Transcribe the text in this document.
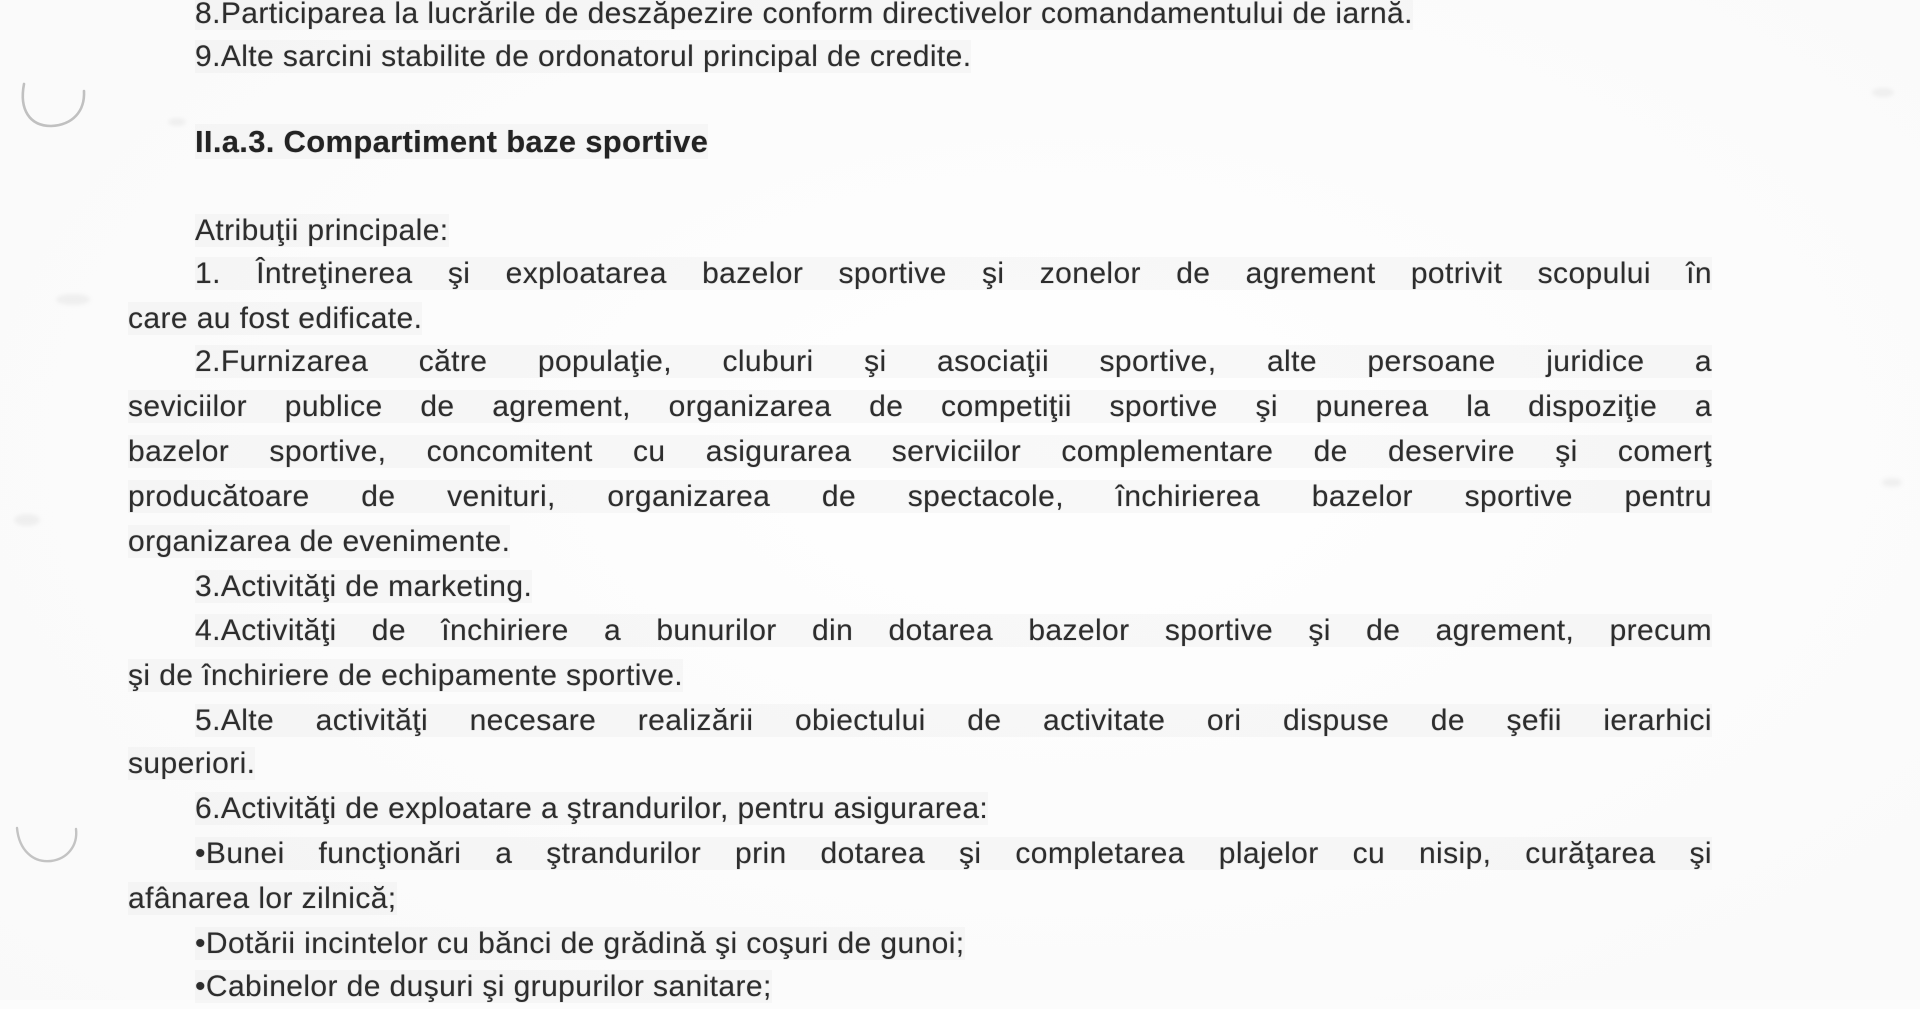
8.Participarea la lucrările de deszăpezire conform directivelor comandamentului de iarnă.
9.Alte sarcini stabilite de ordonatorul principal de credite.
II.a.3. Compartiment baze sportive
Atribuţii principale:
1. Întreţinerea şi exploatarea bazelor sportive şi zonelor de agrement potrivit scopului în
care au fost edificate.
2.Furnizarea către populaţie, cluburi şi asociaţii sportive, alte persoane juridice a
seviciilor publice de agrement, organizarea de competiţii sportive şi punerea la dispoziţie a
bazelor sportive, concomitent cu asigurarea serviciilor complementare de deservire şi comerţ
producătoare de venituri, organizarea de spectacole, închirierea bazelor sportive pentru
organizarea de evenimente.
3.Activităţi de marketing.
4.Activităţi de închiriere a bunurilor din dotarea bazelor sportive şi de agrement, precum
şi de închiriere de echipamente sportive.
5.Alte activităţi necesare realizării obiectului de activitate ori dispuse de şefii ierarhici
superiori.
6.Activităţi de exploatare a ştrandurilor, pentru asigurarea:
•Bunei funcţionări a ştrandurilor prin dotarea şi completarea plajelor cu nisip, curăţarea şi
afânarea lor zilnică;
•Dotării incintelor cu bănci de grădină şi coşuri de gunoi;
•Cabinelor de duşuri şi grupurilor sanitare;
